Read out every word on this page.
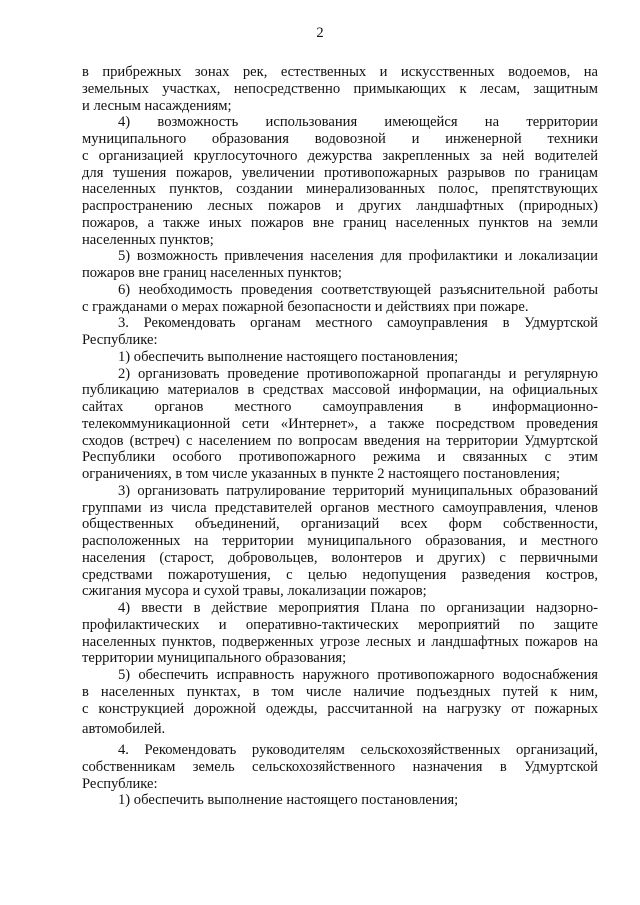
2
в прибрежных зонах рек, естественных и искусственных водоемов, на
земельных участках, непосредственно примыкающих к лесам, защитным
и лесным насаждениям;
4) возможность использования имеющейся на территории
муниципального образования водовозной и инженерной техники
с организацией круглосуточного дежурства закрепленных за ней водителей
для тушения пожаров, увеличении противопожарных разрывов по границам
населенных пунктов, создании минерализованных полос, препятствующих
распространению лесных пожаров и других ландшафтных (природных)
пожаров, а также иных пожаров вне границ населенных пунктов на земли
населенных пунктов;
5) возможность привлечения населения для профилактики и локализации
пожаров вне границ населенных пунктов;
6) необходимость проведения соответствующей разъяснительной работы
с гражданами о мерах пожарной безопасности и действиях при пожаре.
3. Рекомендовать органам местного самоуправления в Удмуртской
Республике:
1) обеспечить выполнение настоящего постановления;
2) организовать проведение противопожарной пропаганды и регулярную
публикацию материалов в средствах массовой информации, на официальных
сайтах органов местного самоуправления в информационно-
телекоммуникационной сети «Интернет», а также посредством проведения
сходов (встреч) с населением по вопросам введения на территории Удмуртской
Республики особого противопожарного режима и связанных с этим
ограничениях, в том числе указанных в пункте 2 настоящего постановления;
3) организовать патрулирование территорий муниципальных образований
группами из числа представителей органов местного самоуправления, членов
общественных объединений, организаций всех форм собственности,
расположенных на территории муниципального образования, и местного
населения (старост, добровольцев, волонтеров и других) с первичными
средствами пожаротушения, с целью недопущения разведения костров,
сжигания мусора и сухой травы, локализации пожаров;
4) ввести в действие мероприятия Плана по организации надзорно-
профилактических и оперативно-тактических мероприятий по защите
населенных пунктов, подверженных угрозе лесных и ландшафтных пожаров на
территории муниципального образования;
5) обеспечить исправность наружного противопожарного водоснабжения
в населенных пунктах, в том числе наличие подъездных путей к ним,
с конструкцией дорожной одежды, рассчитанной на нагрузку от пожарных
автомобилей.
4. Рекомендовать руководителям сельскохозяйственных организаций,
собственникам земель сельскохозяйственного назначения в Удмуртской
Республике:
1) обеспечить выполнение настоящего постановления;
